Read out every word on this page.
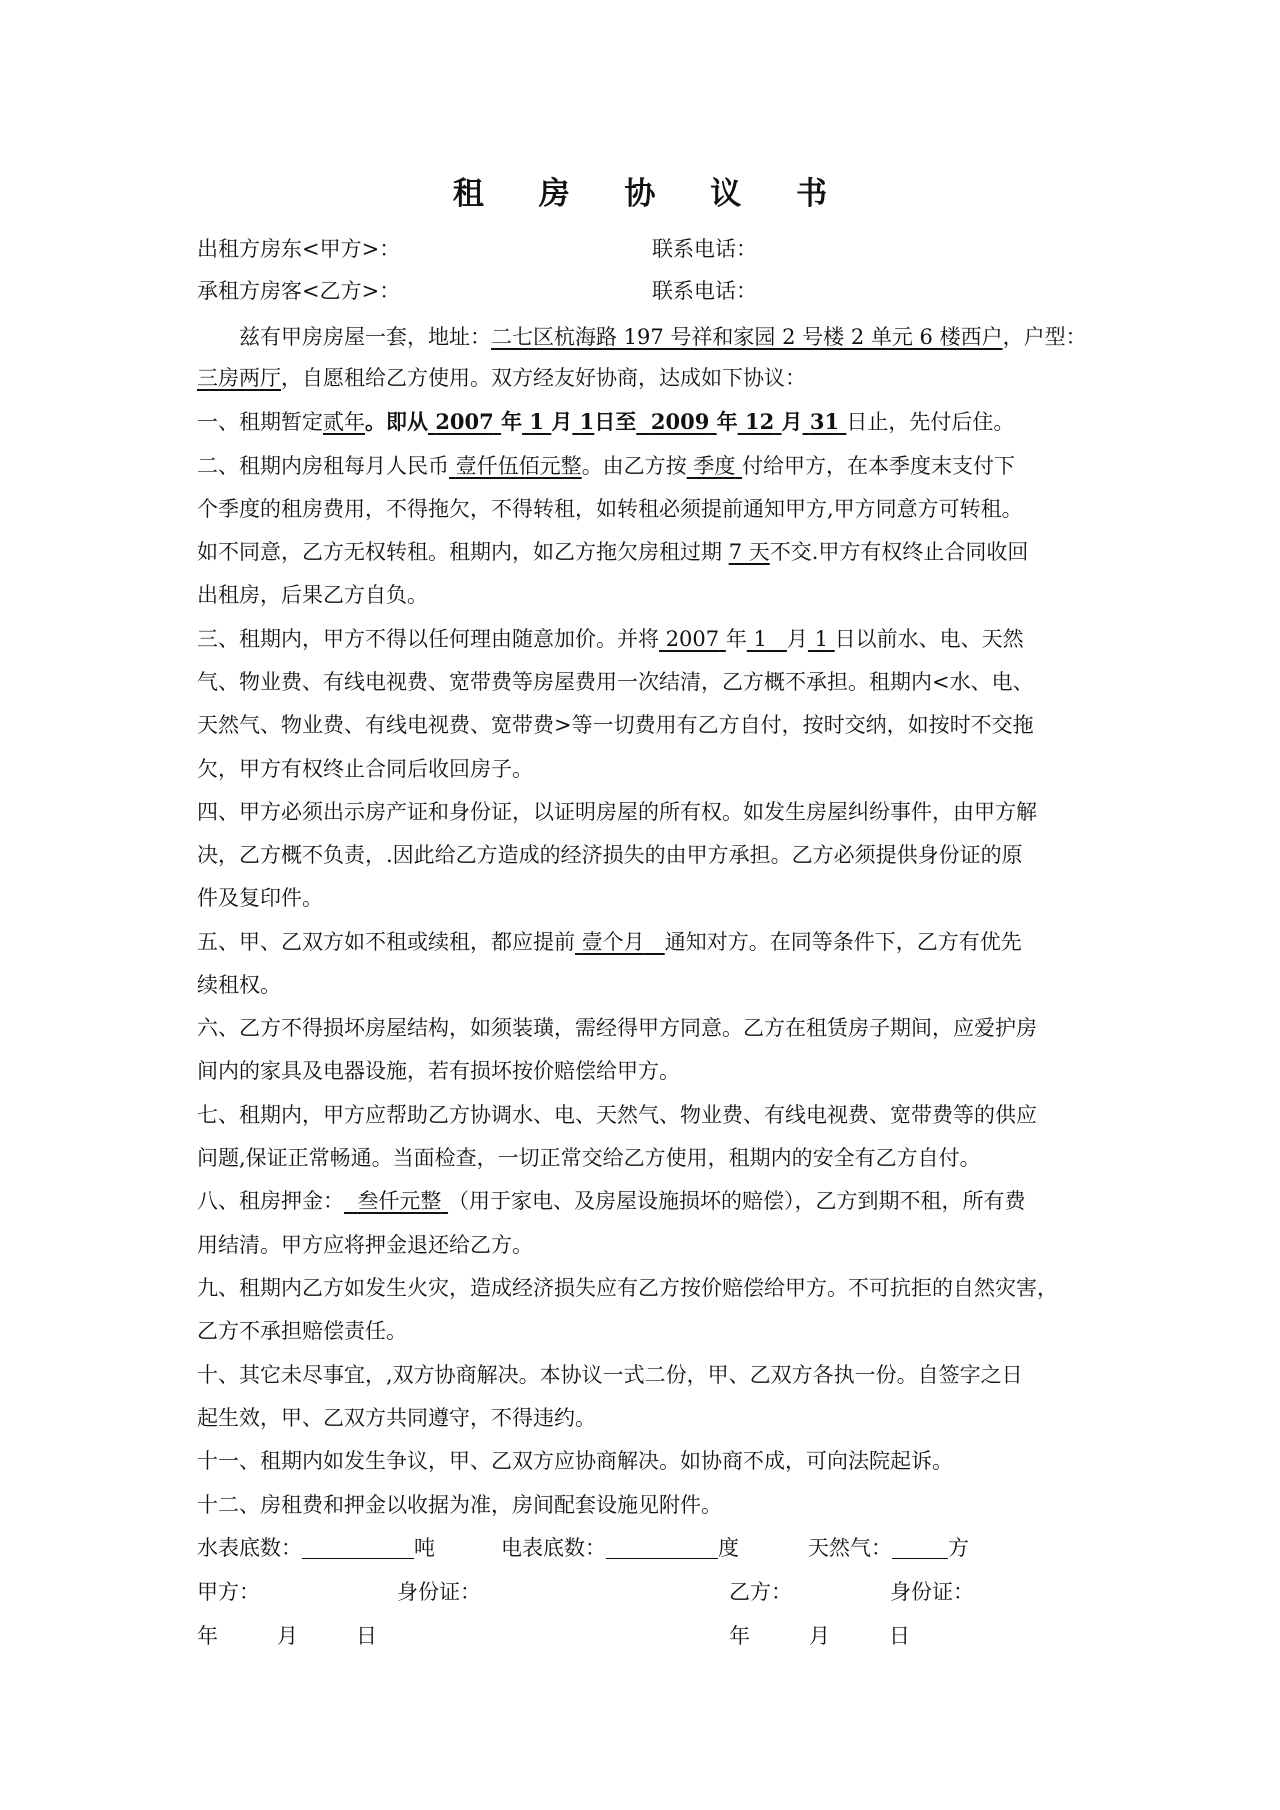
租 房 协 议 书
出租方房东<甲方>：	联系电话：
承租方房客<乙方>：	联系电话：
兹有甲房房屋一套，地址：二七区杭海路 197 号祥和家园 2 号楼 2 单元 6 楼西户，户型：
三房两厅，自愿租给乙方使用。双方经友好协商，达成如下协议：
一、租期暂定贰年。即从 2007 年 1 月 1日至 2009 年 12 月 31 日止，先付后住。
二、租期内房租每月人民币 壹仟伍佰元整。由乙方按 季度 付给甲方，在本季度末支付下
个季度的租房费用，不得拖欠，不得转租，如转租必须提前通知甲方,甲方同意方可转租。
如不同意，乙方无权转租。租期内，如乙方拖欠房租过期 7 天不交.甲方有权终止合同收回
出租房，后果乙方自负。
三、租期内，甲方不得以任何理由随意加价。并将 2007 年 1 月 1 日以前水、电、天然
气、物业费、有线电视费、宽带费等房屋费用一次结清，乙方概不承担。租期内<水、电、
天然气、物业费、有线电视费、宽带费>等一切费用有乙方自付，按时交纳，如按时不交拖
欠，甲方有权终止合同后收回房子。
四、甲方必须出示房产证和身份证，以证明房屋的所有权。如发生房屋纠纷事件，由甲方解
决，乙方概不负责，.因此给乙方造成的经济损失的由甲方承担。乙方必须提供身份证的原
件及复印件。
五、甲、乙双方如不租或续租，都应提前 壹个月 通知对方。在同等条件下，乙方有优先
续租权。
六、乙方不得损坏房屋结构，如须装璜，需经得甲方同意。乙方在租赁房子期间，应爱护房
间内的家具及电器设施，若有损坏按价赔偿给甲方。
七、租期内，甲方应帮助乙方协调水、电、天然气、物业费、有线电视费、宽带费等的供应
问题,保证正常畅通。当面检查，一切正常交给乙方使用，租期内的安全有乙方自付。
八、租房押金： 叁仟元整 （用于家电、及房屋设施损坏的赔偿），乙方到期不租，所有费
用结清。甲方应将押金退还给乙方。
九、租期内乙方如发生火灾，造成经济损失应有乙方按价赔偿给甲方。不可抗拒的自然灾害，
乙方不承担赔偿责任。
十、其它未尽事宜，,双方协商解决。本协议一式二份，甲、乙双方各执一份。自签字之日
起生效，甲、乙双方共同遵守，不得违约。
十一、租期内如发生争议，甲、乙双方应协商解决。如协商不成，可向法院起诉。
十二、房租费和押金以收据为准，房间配套设施见附件。
水表底数：	吨	电表底数：	度	天然气：	方
甲方：	身份证：	乙方：	身份证：
年	月	日	年	月	日
